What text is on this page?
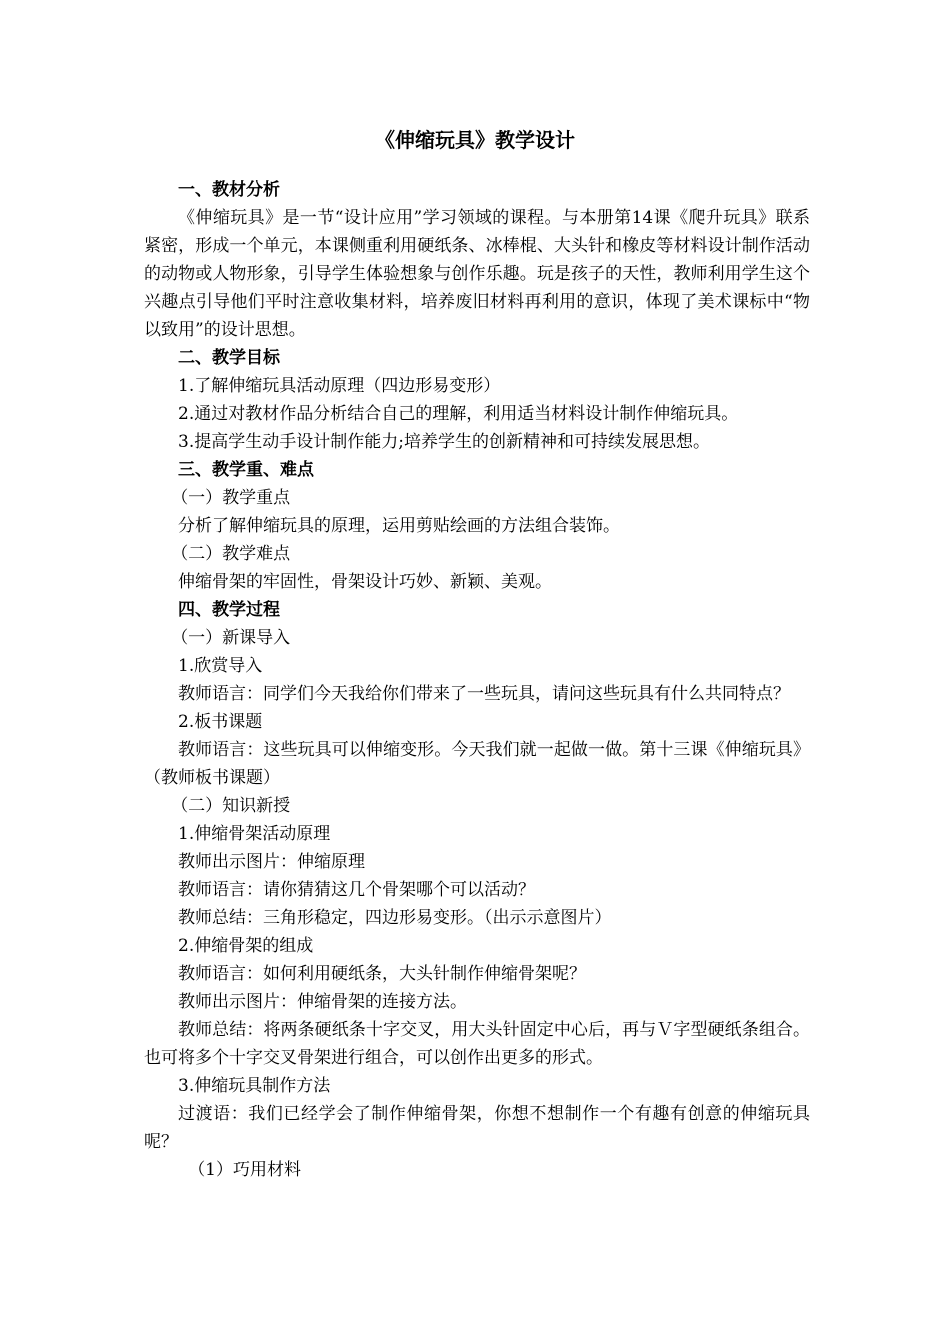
《伸缩玩具》教学设计

一、教材分析

《伸缩玩具》是一节“设计应用”学习领域的课程。与本册第14课《爬升玩具》联系紧密，形成一个单元，本课侧重利用硬纸条、冰棒棍、大头针和橡皮等材料设计制作活动的动物或人物形象，引导学生体验想象与创作乐趣。玩是孩子的天性，教师利用学生这个兴趣点引导他们平时注意收集材料，培养废旧材料再利用的意识，体现了美术课标中“物以致用”的设计思想。

二、教学目标

1.了解伸缩玩具活动原理（四边形易变形）

2.通过对教材作品分析结合自己的理解，利用适当材料设计制作伸缩玩具。

3.提高学生动手设计制作能力;培养学生的创新精神和可持续发展思想。

三、教学重、难点

（一）教学重点

分析了解伸缩玩具的原理，运用剪贴绘画的方法组合装饰。

（二）教学难点

伸缩骨架的牢固性，骨架设计巧妙、新颖、美观。

四、教学过程

（一）新课导入

1.欣赏导入

教师语言：同学们今天我给你们带来了一些玩具，请问这些玩具有什么共同特点？

2.板书课题

教师语言：这些玩具可以伸缩变形。今天我们就一起做一做。第十三课《伸缩玩具》（教师板书课题）

（二）知识新授

1.伸缩骨架活动原理

教师出示图片：伸缩原理

教师语言：请你猜猜这几个骨架哪个可以活动？

教师总结：三角形稳定，四边形易变形。（出示示意图片）

2.伸缩骨架的组成

教师语言：如何利用硬纸条，大头针制作伸缩骨架呢？

教师出示图片：伸缩骨架的连接方法。

教师总结：将两条硬纸条十字交叉，用大头针固定中心后，再与Ｖ字型硬纸条组合。也可将多个十字交叉骨架进行组合，可以创作出更多的形式。

3.伸缩玩具制作方法

过渡语：我们已经学会了制作伸缩骨架，你想不想制作一个有趣有创意的伸缩玩具呢？

（1）巧用材料
